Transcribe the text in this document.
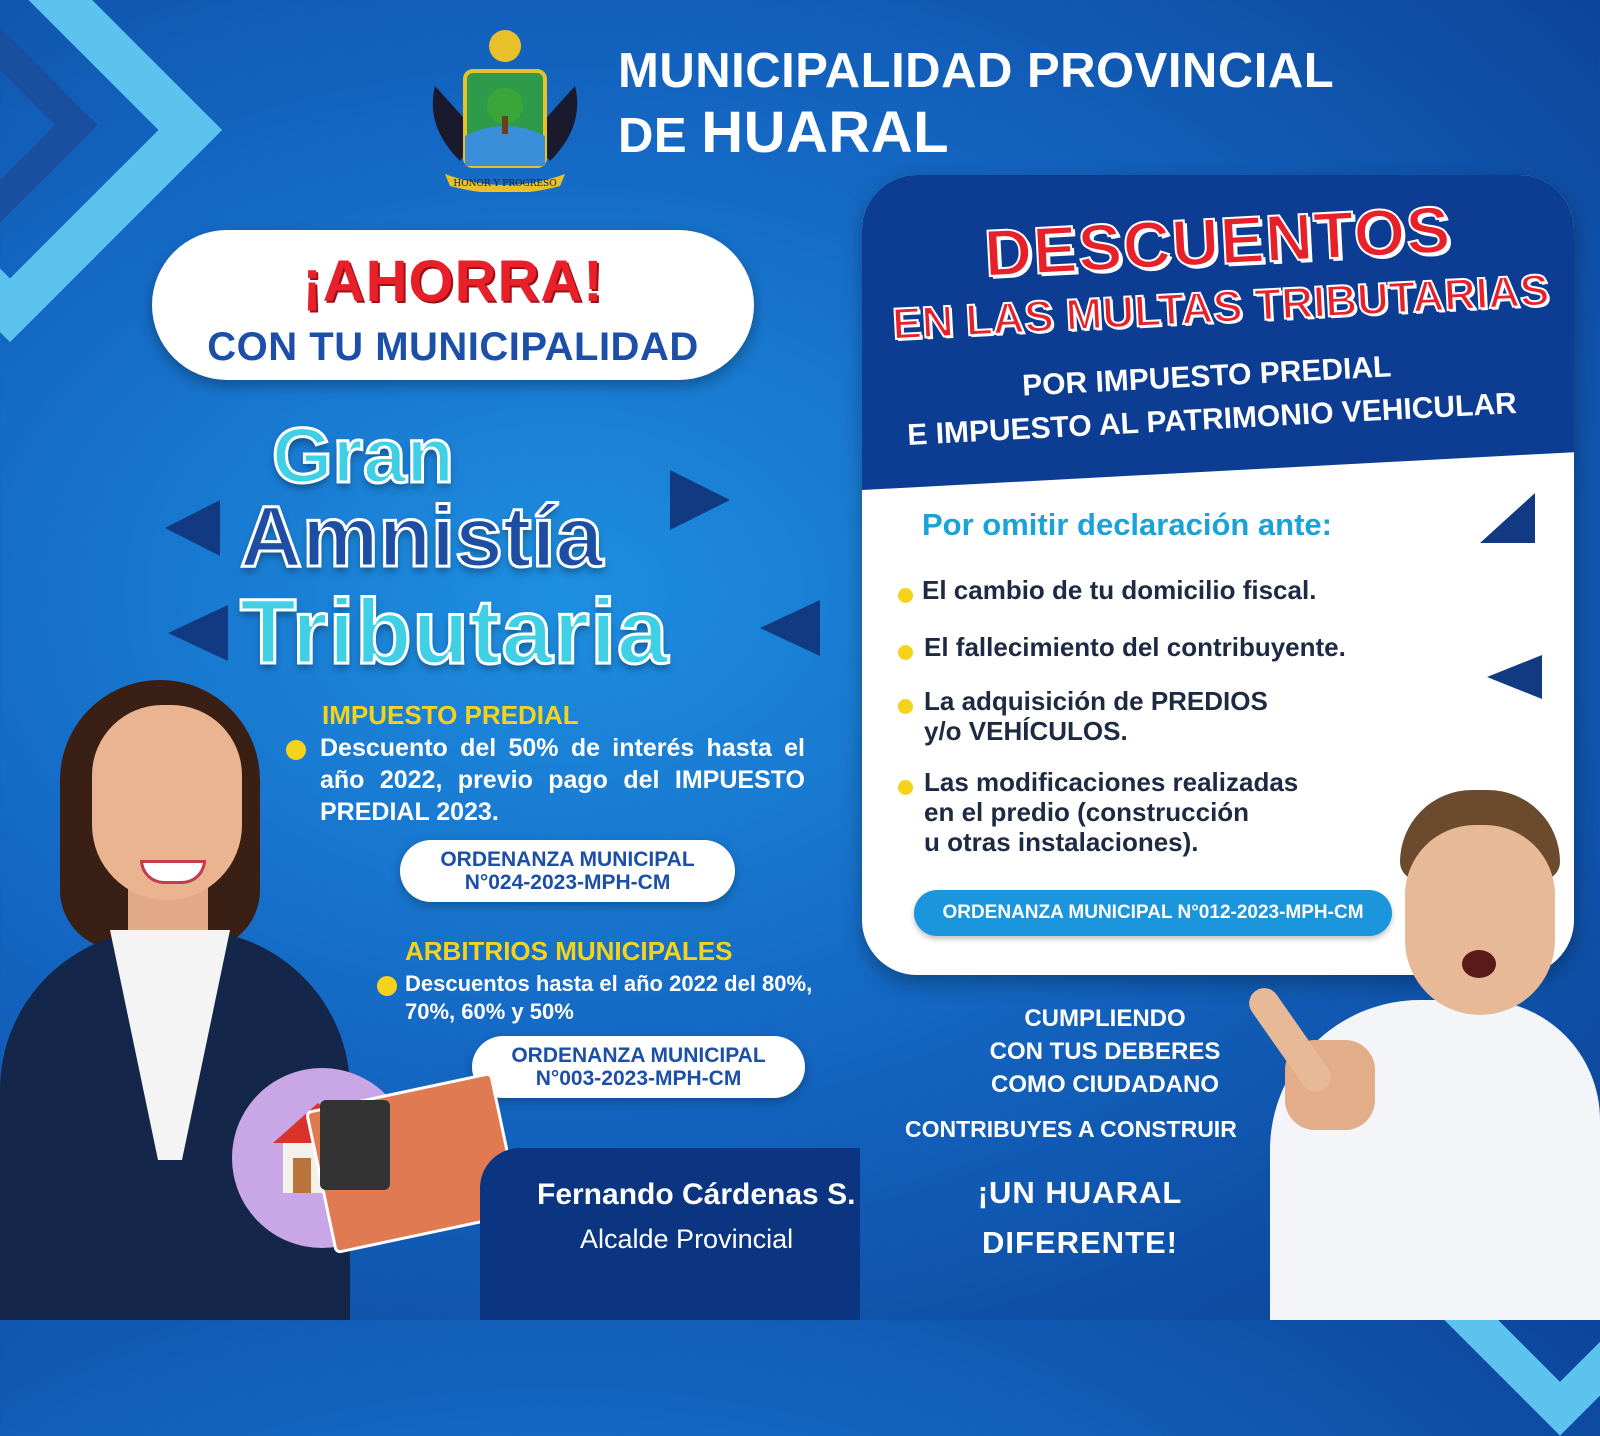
HONOR Y PROGRESO
MUNICIPALIDAD PROVINCIAL
DE HUARAL
¡AHORRA!
CON TU MUNICIPALIDAD
Gran
Amnistía
Tributaria
IMPUESTO PREDIAL
Descuento del 50% de interés hasta el año 2022, previo pago del IMPUESTO PREDIAL 2023.
ORDENANZA MUNICIPAL
N°024-2023-MPH-CM
ARBITRIOS MUNICIPALES
Descuentos hasta el año 2022 del 80%, 70%, 60% y 50%
ORDENANZA MUNICIPAL
N°003-2023-MPH-CM
Fernando Cárdenas S.
Alcalde Provincial
DESCUENTOS
EN LAS MULTAS TRIBUTARIAS
POR IMPUESTO PREDIAL
E IMPUESTO AL PATRIMONIO VEHICULAR
Por omitir declaración ante:
El cambio de tu domicilio fiscal.
El fallecimiento del contribuyente.
La adquisición de PREDIOS
y/o VEHÍCULOS.
Las modificaciones realizadas
en el predio (construcción
u otras instalaciones).
ORDENANZA MUNICIPAL N°012-2023-MPH-CM
CUMPLIENDO
CON TUS DEBERES
COMO CIUDADANO
CONTRIBUYES A CONSTRUIR
¡UN HUARAL
DIFERENTE!
